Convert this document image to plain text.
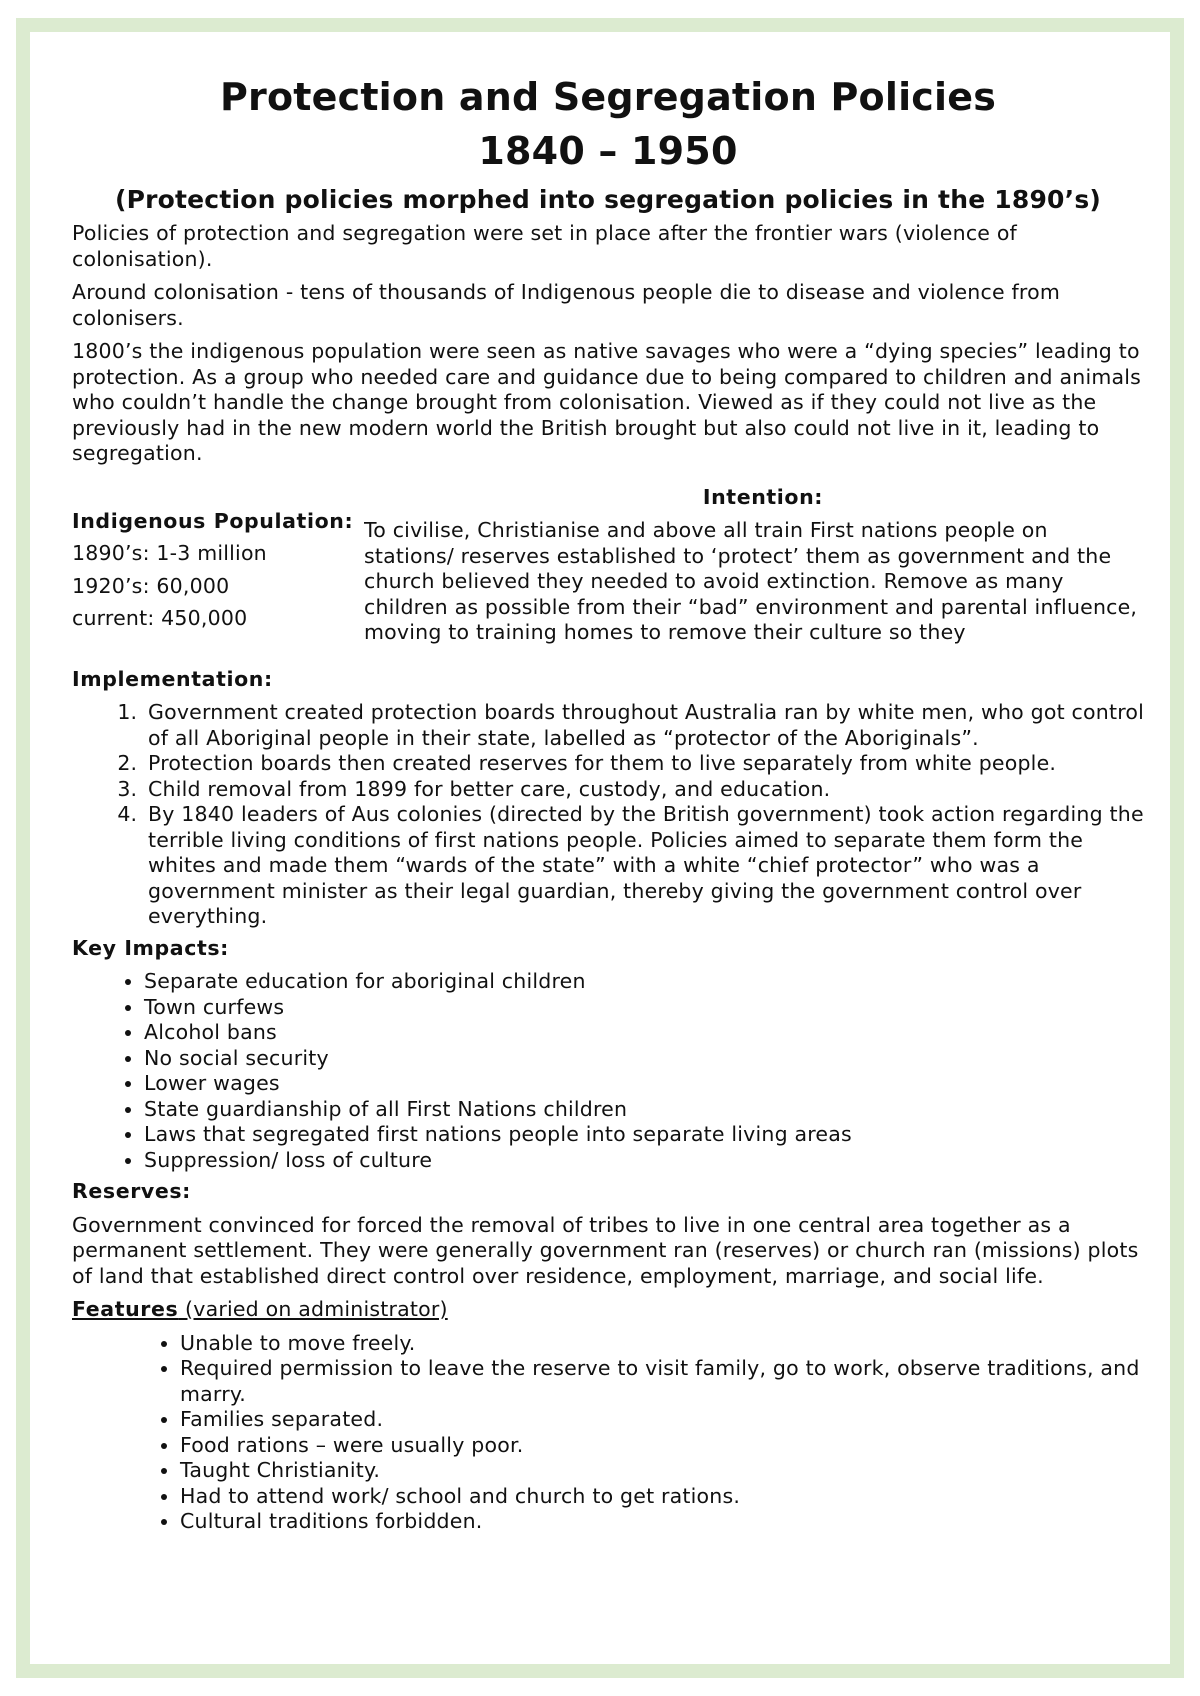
Protection and Segregation Policies
1840 – 1950
(Protection policies morphed into segregation policies in the 1890’s)

Policies of protection and segregation were set in place after the frontier wars (violence of colonisation).

Around colonisation - tens of thousands of Indigenous people die to disease and violence from colonisers.

1800’s the indigenous population were seen as native savages who were a “dying species” leading to protection. As a group who needed care and guidance due to being compared to children and animals who couldn’t handle the change brought from colonisation. Viewed as if they could not live as the previously had in the new modern world the British brought but also could not live in it, leading to segregation.

Indigenous Population:
1890’s: 1-3 million
1920’s: 60,000
current: 450,000
Intention:
To civilise, Christianise and above all train First nations people on stations/ reserves established to ‘protect’ them as government and the church believed they needed to avoid extinction. Remove as many children as possible from their “bad” environment and parental influence, moving to training homes to remove their culture so they
Implementation:
1. Government created protection boards throughout Australia ran by white men, who got control of all Aboriginal people in their state, labelled as “protector of the Aboriginals”.
2. Protection boards then created reserves for them to live separately from white people.
3. Child removal from 1899 for better care, custody, and education.
4. By 1840 leaders of Aus colonies (directed by the British government) took action regarding the terrible living conditions of first nations people. Policies aimed to separate them form the whites and made them “wards of the state” with a white “chief protector” who was a government minister as their legal guardian, thereby giving the government control over everything.
Key Impacts:
• Separate education for aboriginal children
• Town curfews
• Alcohol bans
• No social security
• Lower wages
• State guardianship of all First Nations children
• Laws that segregated first nations people into separate living areas
• Suppression/ loss of culture
Reserves:

Government convinced for forced the removal of tribes to live in one central area together as a permanent settlement. They were generally government ran (reserves) or church ran (missions) plots of land that established direct control over residence, employment, marriage, and social life.

Features (varied on administrator)
• Unable to move freely.
• Required permission to leave the reserve to visit family, go to work, observe traditions, and marry.
• Families separated.
• Food rations – were usually poor.
• Taught Christianity.
• Had to attend work/ school and church to get rations.
• Cultural traditions forbidden.
